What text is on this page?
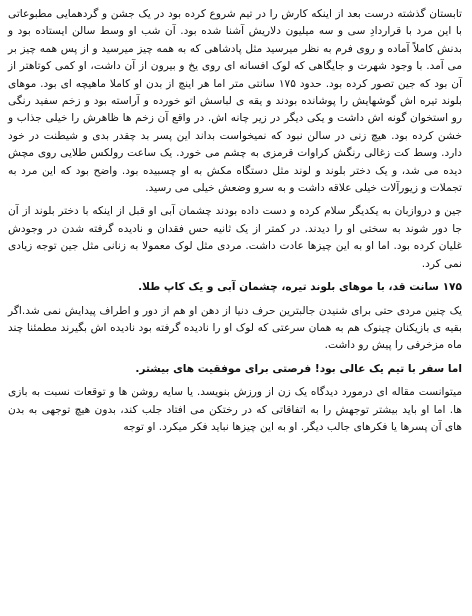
تابستان گذشته درست بعد از اینکه کارش را در تیم شروع کرده بود در یک جشن و گردهمایی مطبوعاتی با این مرد با قراردادِ سی و سه میلیون دلاریش آشنا شده بود. آن شب او وسط سالن ایستاده بود و بدنش کاملاً آماده و روی فرم به نظر میرسید مثل پادشاهی که به همه چیز میرسید و از پس همه چیز بر می آمد. با وجود شهرت و جایگاهی که لوک افسانه ای روی یخ و بیرون از آن داشت، او کمی کوتاهتر از آن بود که جین تصور کرده بود. حدود ۱۷۵ سانتی متر اما هر اینچ از بدن او کاملا ماهیچه ای بود. موهای بلوند تیره اش گوشهایش را پوشانده بودند و یقه ی لباسش اتو خورده و آراسته بود و زخم سفید رنگی رو استخوان گونه اش داشت و یکی دیگر در زیر چانه اش. در واقع آن زخم ها ظاهرش را خیلی جذاب و خشن کرده بود. هیچ زنی در سالن نبود که نمیخواست بداند این پسر بد چقدر بدی و شیطنت در خود دارد. وسط کت زغالی رنگش کراوات قرمزی به چشم می خورد. یک ساعت رولکس طلایی روی مچش دیده می شد، و یک دختر بلوند و لوند مثل دستگاه مکش به او چسبیده بود. واضح بود که این مرد به تجملات و زیورآلات خیلی علاقه داشت و به سرو وضعش خیلی می رسید.

جین و دروازبان به یکدیگر سلام کرده و دست داده بودند چشمان آبی او قبل از اینکه با دختر بلوند از آن جا دور شوند به سختی او را دیدند. در کمتر از یک ثانیه حس فقدان و نادیده گرفته شدن در وجودش غلیان کرده بود. اما او به این چیزها عادت داشت. مردی مثل لوک معمولا به زنانی مثل جین توجه زیادی نمی کرد.

۱۷۵ سانت قد، با موهای بلوند تیره، چشمان آبی و یک کاپ طلا.

یک چنین مردی حتی برای شنیدن جالبترین حرف دنیا از دهن او هم از دور و اطراف پیدایش نمی شد.اگر بقیه ی بازیکنان چینوک هم به همان سرعتی که لوک او را نادیده گرفته بود نادیده اش بگیرند مطمئنا چند ماه مزخرفی را پیش رو داشت.

اما سفر با تیم یک عالی بود! فرصتی برای موفقیت های بیشتر.

میتوانست مقاله ای درمورد دیدگاه یک زن از ورزش بنویسد. یا سایه روشن ها و توقعات نسبت به بازی ها. اما او باید بیشتر توجهش را به اتفاقاتی که در رختکن می افتاد جلب کند، بدون هیچ توجهی به بدن های آن پسرها یا فکرهای جالب دیگر. او به این چیزها نباید فکر میکرد. او توجه
